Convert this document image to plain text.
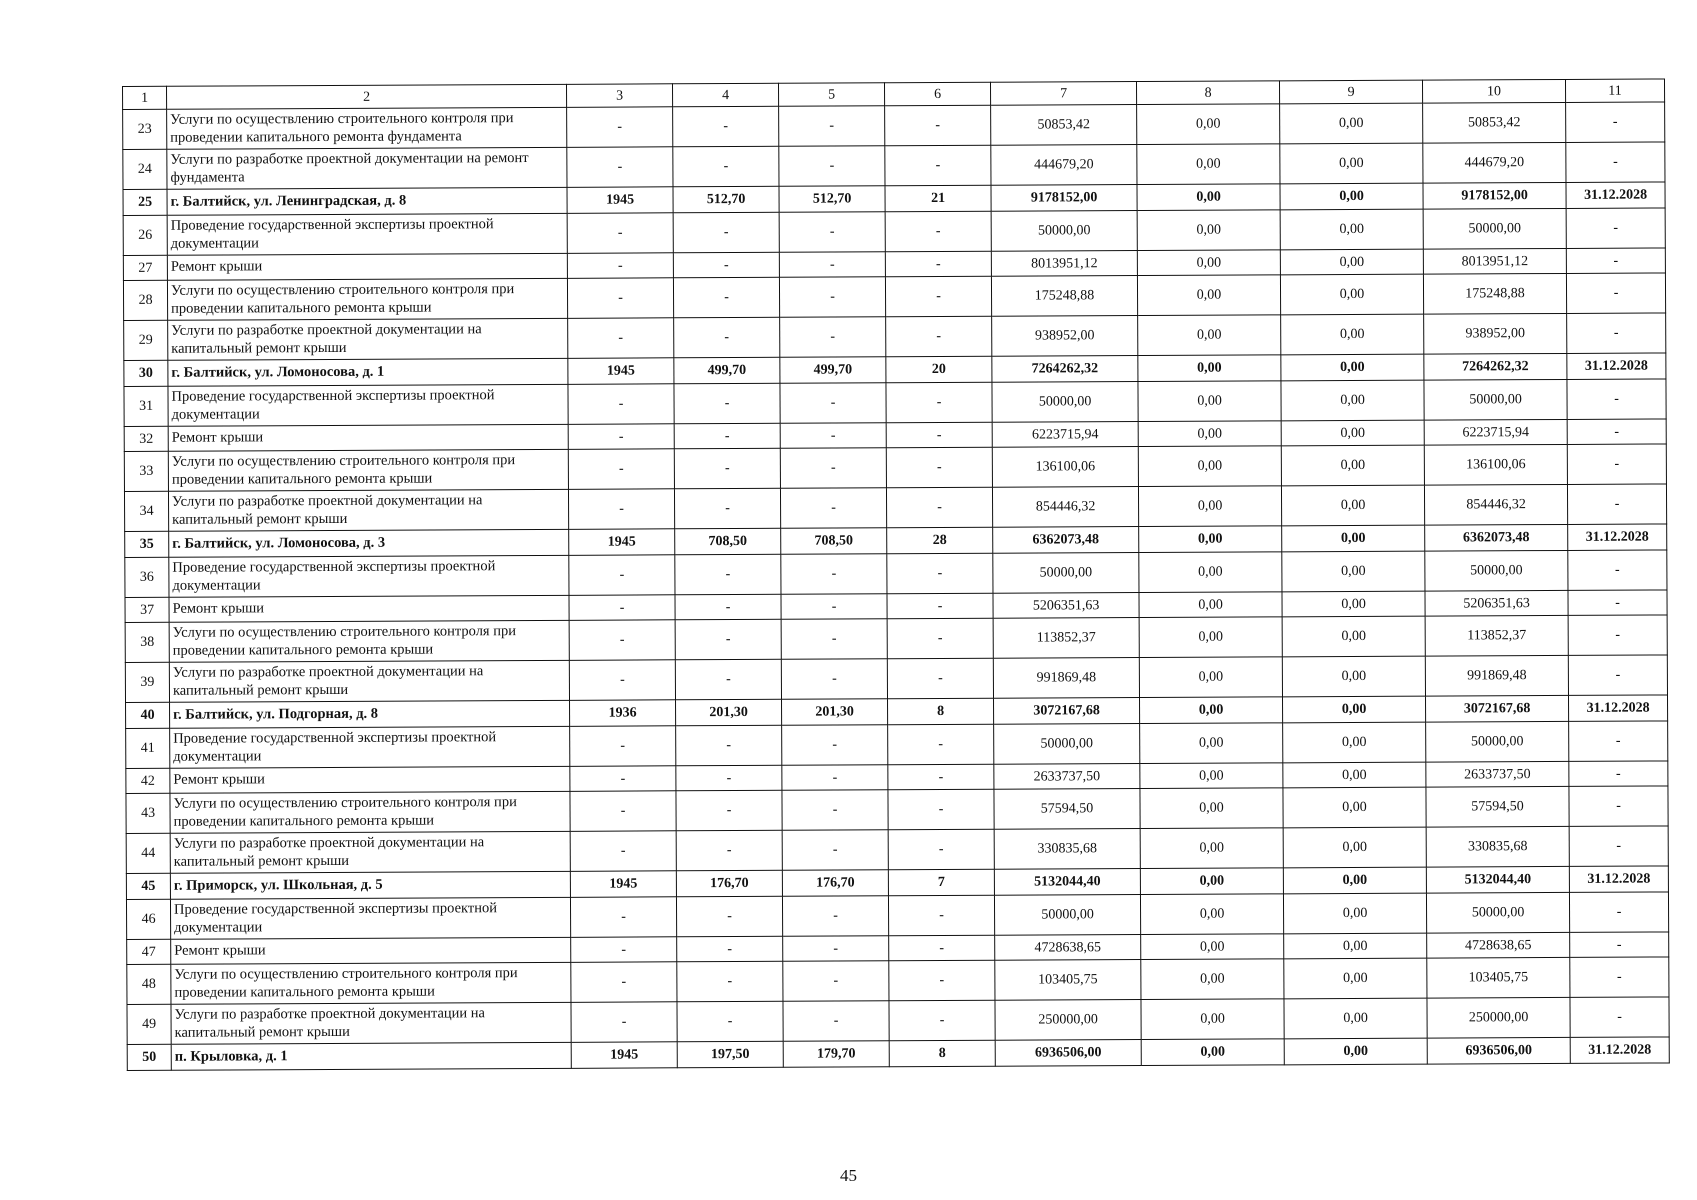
1	2	3	4	5	6	7	8	9	10	11
23	Услуги по осуществлению строительного контроля при проведении капитального ремонта фундамента	-	-	-	-	50853,42	0,00	0,00	50853,42	-
24	Услуги по разработке проектной документации на ремонт фундамента	-	-	-	-	444679,20	0,00	0,00	444679,20	-
25	г. Балтийск, ул. Ленинградская, д. 8	1945	512,70	512,70	21	9178152,00	0,00	0,00	9178152,00	31.12.2028
26	Проведение государственной экспертизы проектной документации	-	-	-	-	50000,00	0,00	0,00	50000,00	-
27	Ремонт крыши	-	-	-	-	8013951,12	0,00	0,00	8013951,12	-
28	Услуги по осуществлению строительного контроля при проведении капитального ремонта крыши	-	-	-	-	175248,88	0,00	0,00	175248,88	-
29	Услуги по разработке проектной документации на капитальный ремонт крыши	-	-	-	-	938952,00	0,00	0,00	938952,00	-
30	г. Балтийск, ул. Ломоносова, д. 1	1945	499,70	499,70	20	7264262,32	0,00	0,00	7264262,32	31.12.2028
31	Проведение государственной экспертизы проектной документации	-	-	-	-	50000,00	0,00	0,00	50000,00	-
32	Ремонт крыши	-	-	-	-	6223715,94	0,00	0,00	6223715,94	-
33	Услуги по осуществлению строительного контроля при проведении капитального ремонта крыши	-	-	-	-	136100,06	0,00	0,00	136100,06	-
34	Услуги по разработке проектной документации на капитальный ремонт крыши	-	-	-	-	854446,32	0,00	0,00	854446,32	-
35	г. Балтийск, ул. Ломоносова, д. 3	1945	708,50	708,50	28	6362073,48	0,00	0,00	6362073,48	31.12.2028
36	Проведение государственной экспертизы проектной документации	-	-	-	-	50000,00	0,00	0,00	50000,00	-
37	Ремонт крыши	-	-	-	-	5206351,63	0,00	0,00	5206351,63	-
38	Услуги по осуществлению строительного контроля при проведении капитального ремонта крыши	-	-	-	-	113852,37	0,00	0,00	113852,37	-
39	Услуги по разработке проектной документации на капитальный ремонт крыши	-	-	-	-	991869,48	0,00	0,00	991869,48	-
40	г. Балтийск, ул. Подгорная, д. 8	1936	201,30	201,30	8	3072167,68	0,00	0,00	3072167,68	31.12.2028
41	Проведение государственной экспертизы проектной документации	-	-	-	-	50000,00	0,00	0,00	50000,00	-
42	Ремонт крыши	-	-	-	-	2633737,50	0,00	0,00	2633737,50	-
43	Услуги по осуществлению строительного контроля при проведении капитального ремонта крыши	-	-	-	-	57594,50	0,00	0,00	57594,50	-
44	Услуги по разработке проектной документации на капитальный ремонт крыши	-	-	-	-	330835,68	0,00	0,00	330835,68	-
45	г. Приморск, ул. Школьная, д. 5	1945	176,70	176,70	7	5132044,40	0,00	0,00	5132044,40	31.12.2028
46	Проведение государственной экспертизы проектной документации	-	-	-	-	50000,00	0,00	0,00	50000,00	-
47	Ремонт крыши	-	-	-	-	4728638,65	0,00	0,00	4728638,65	-
48	Услуги по осуществлению строительного контроля при проведении капитального ремонта крыши	-	-	-	-	103405,75	0,00	0,00	103405,75	-
49	Услуги по разработке проектной документации на капитальный ремонт крыши	-	-	-	-	250000,00	0,00	0,00	250000,00	-
50	п. Крыловка, д. 1	1945	197,50	179,70	8	6936506,00	0,00	0,00	6936506,00	31.12.2028
45
